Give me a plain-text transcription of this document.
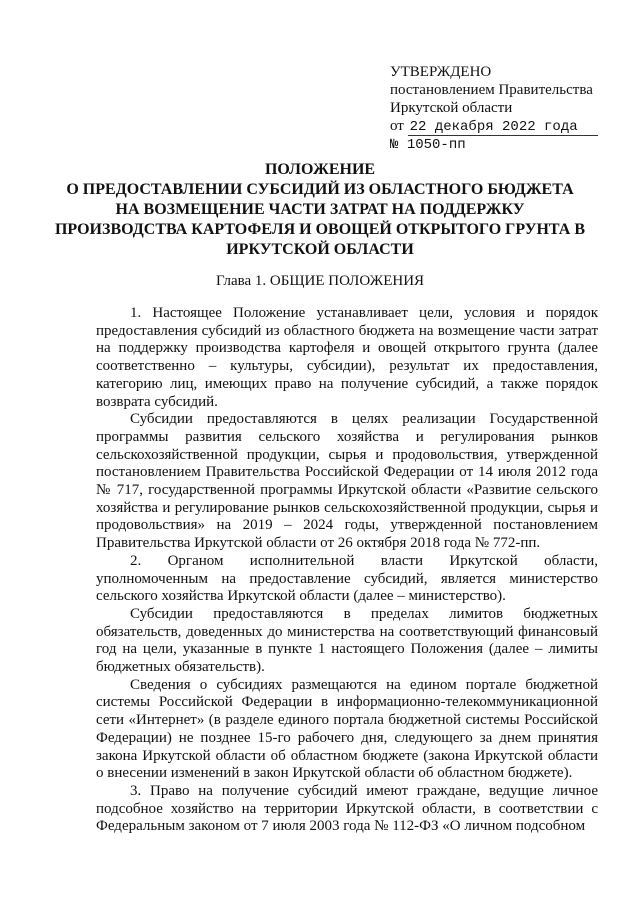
УТВЕРЖДЕНО
постановлением Правительства
Иркутской области
от 22 декабря 2022 года
№ 1050-пп
ПОЛОЖЕНИЕ
О ПРЕДОСТАВЛЕНИИ СУБСИДИЙ ИЗ ОБЛАСТНОГО БЮДЖЕТА
НА ВОЗМЕЩЕНИЕ ЧАСТИ ЗАТРАТ НА ПОДДЕРЖКУ
ПРОИЗВОДСТВА КАРТОФЕЛЯ И ОВОЩЕЙ ОТКРЫТОГО ГРУНТА В
ИРКУТСКОЙ ОБЛАСТИ
Глава 1. ОБЩИЕ ПОЛОЖЕНИЯ

1. Настоящее Положение устанавливает цели, условия и порядок предоставления субсидий из областного бюджета на возмещение части затрат на поддержку производства картофеля и овощей открытого грунта (далее соответственно – культуры, субсидии), результат их предоставления, категорию лиц, имеющих право на получение субсидий, а также порядок возврата субсидий.

Субсидии предоставляются в целях реализации Государственной программы развития сельского хозяйства и регулирования рынков сельскохозяйственной продукции, сырья и продовольствия, утвержденной постановлением Правительства Российской Федерации от 14 июля 2012 года № 717, государственной программы Иркутской области «Развитие сельского хозяйства и регулирование рынков сельскохозяйственной продукции, сырья и продовольствия» на 2019 – 2024 годы, утвержденной постановлением Правительства Иркутской области от 26 октября 2018 года № 772-пп.

2. Органом исполнительной власти Иркутской области, уполномоченным на предоставление субсидий, является министерство сельского хозяйства Иркутской области (далее – министерство).

Субсидии предоставляются в пределах лимитов бюджетных обязательств, доведенных до министерства на соответствующий финансовый год на цели, указанные в пункте 1 настоящего Положения (далее – лимиты бюджетных обязательств).

Сведения о субсидиях размещаются на едином портале бюджетной системы Российской Федерации в информационно-телекоммуникационной сети «Интернет» (в разделе единого портала бюджетной системы Российской Федерации) не позднее 15-го рабочего дня, следующего за днем принятия закона Иркутской области об областном бюджете (закона Иркутской области о внесении изменений в закон Иркутской области об областном бюджете).

3. Право на получение субсидий имеют граждане, ведущие личное подсобное хозяйство на территории Иркутской области, в соответствии с Федеральным законом от 7 июля 2003 года № 112-ФЗ «О личном подсобном
